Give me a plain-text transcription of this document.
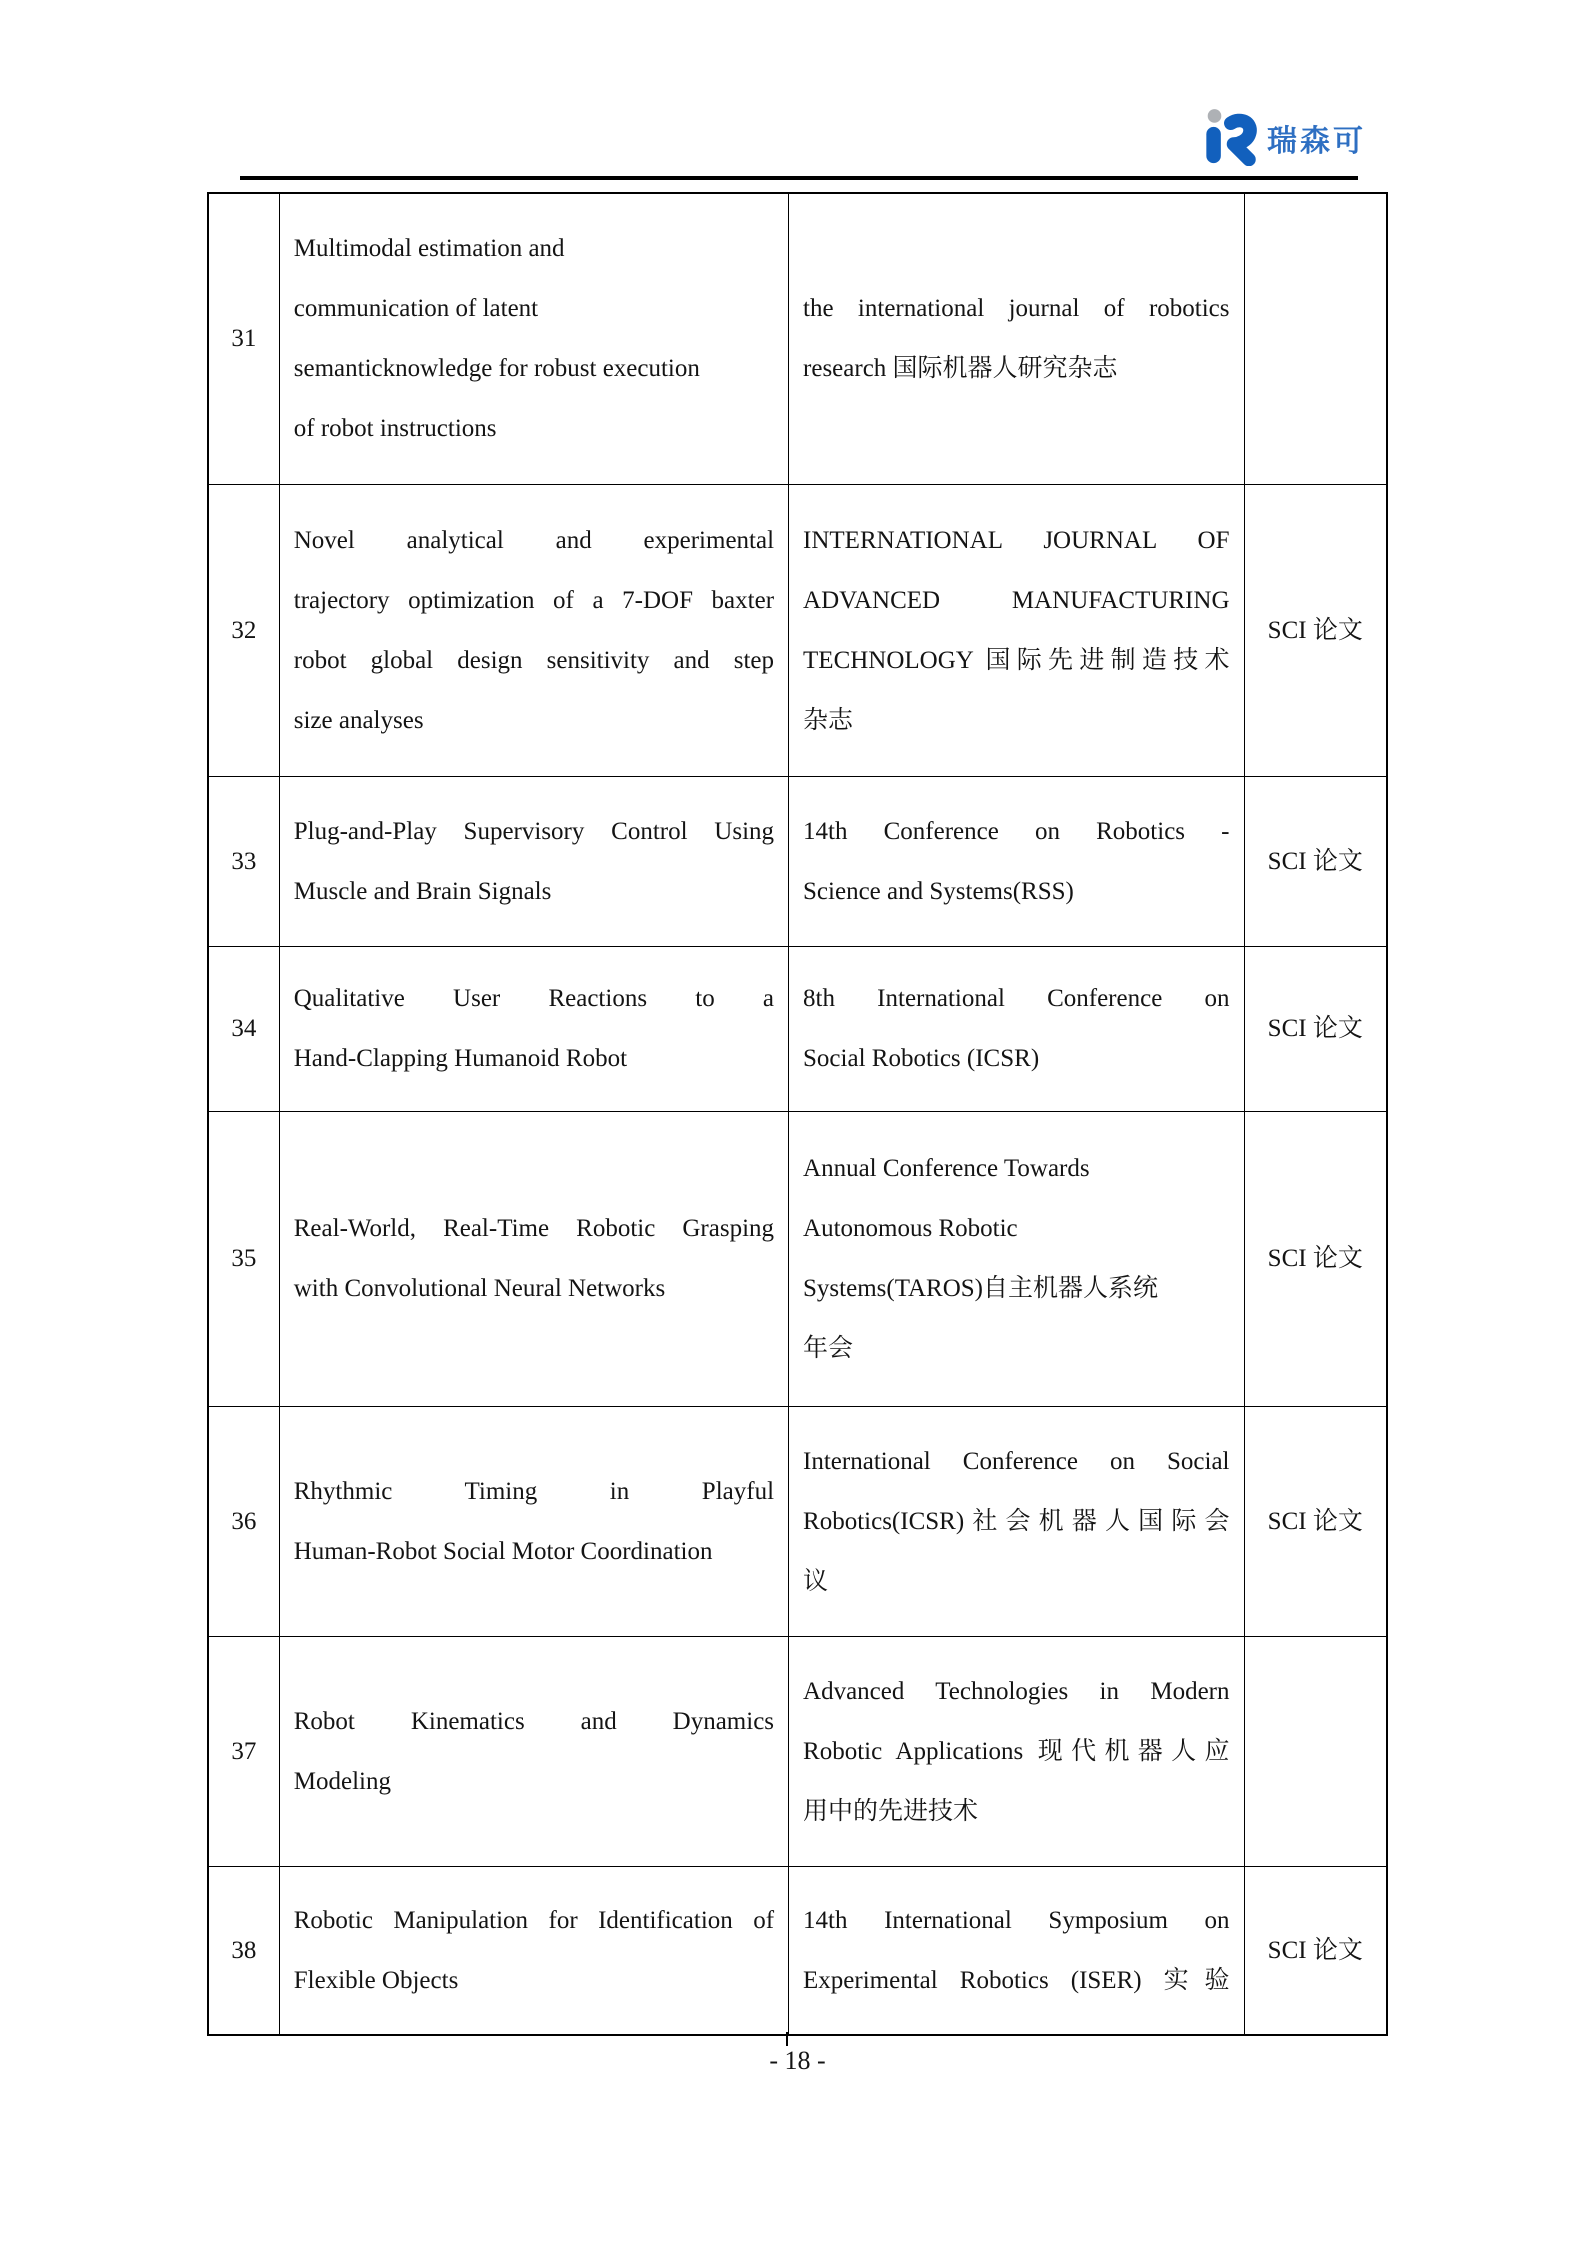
瑞森可
31
Multimodal estimation and
communication of latent
semanticknowledge for robust execution
of robot instructions
the international journal of robotics
research 国际机器人研究杂志
32
Novel analytical and experimental
trajectory optimization of a 7-DOF baxter
robot global design sensitivity and step
size analyses
INTERNATIONAL JOURNAL OF
ADVANCED MANUFACTURING
TECHNOLOGY 国际先进制造技术
杂志
SCI 论文
33
Plug-and-Play Supervisory Control Using
Muscle and Brain Signals
14th Conference on Robotics -
Science and Systems(RSS)
SCI 论文
34
Qualitative User Reactions to a
Hand-Clapping Humanoid Robot
8th International Conference on
Social Robotics (ICSR)
SCI 论文
35
Real-World, Real-Time Robotic Grasping
with Convolutional Neural Networks
Annual Conference Towards
Autonomous Robotic
Systems(TAROS)自主机器人系统
年会
SCI 论文
36
Rhythmic Timing in Playful
Human-Robot Social Motor Coordination
International Conference on Social
Robotics(ICSR)社会机器人国际会
议
SCI 论文
37
Robot Kinematics and Dynamics
Modeling
Advanced Technologies in Modern
Robotic Applications 现代机器人应
用中的先进技术
38
Robotic Manipulation for Identification of
Flexible Objects
14th International Symposium on
Experimental Robotics (ISER) 实验
SCI 论文
- 18 -
